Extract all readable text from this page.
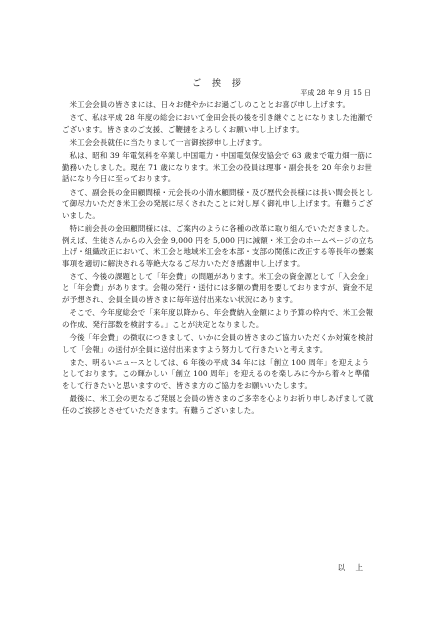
ご 挨 拶
平成 28 年 9 月 15 日

米工会会員の皆さまには、日々お健やかにお過ごしのこととお喜び申し上げます。

さて、私は平成 28 年度の総会において金田会長の後を引き継ぐことになりました池瀬でございます。皆さまのご支援、ご鞭撻をよろしくお願い申し上げます。

米工会会長就任に当たりまして一言御挨拶申し上げます。

私は、昭和 39 年電気科を卒業し中国電力・中国電気保安協会で 63 歳まで電力畑一筋に勤務いたしました。現在 71 歳になります。米工会の役員は理事・副会長を 20 年余りお世話になり今日に至っております。

さて、副会長の金田顧問様・元会長の小清水顧問様・及び歴代会長様には長い間会長として御尽力いただき米工会の発展に尽くされたことに対し厚く御礼申し上げます。有難うございました。

特に前会長の金田顧問様には、ご案内のように各種の改革に取り組んでいただきました。例えば、生徒さんからの入会金 9,000 円を 5,000 円に減額・米工会のホームページの立ち上げ・組織改正において、米工会と地域米工会を本部・支部の関係に改正する等長年の懸案事項を適切に解決される等絶大なるご尽力いただき感謝申し上げます。

さて、今後の課題として「年会費」の問題があります。米工会の資金源として「入会金」と「年会費」があります。会報の発行・送付には多額の費用を要しておりますが、資金不足が予想され、会員全員の皆さまに毎年送付出来ない状況にあります。

そこで、今年度総会で「来年度以降から、年会費納入金額により予算の枠内で、米工会報の作成、発行部数を検討する。」ことが決定となりました。

今後「年会費」の徴収につきまして、いかに会員の皆さまのご協力いただくか対策を検討して「会報」の送付が全員に送付出来ますよう努力して行きたいと考えます。

また、明るいニュースとしては、6 年後の平成 34 年には「創立 100 周年」を迎えようとしております。この輝かしい「創立 100 周年」を迎えるのを楽しみに今から着々と準備をして行きたいと思いますので、皆さま方のご協力をお願いいたします。

最後に、米工会の更なるご発展と会員の皆さまのご多幸を心よりお祈り申しあげまして就任のご挨拶とさせていただきます。有難うございました。

以 上
